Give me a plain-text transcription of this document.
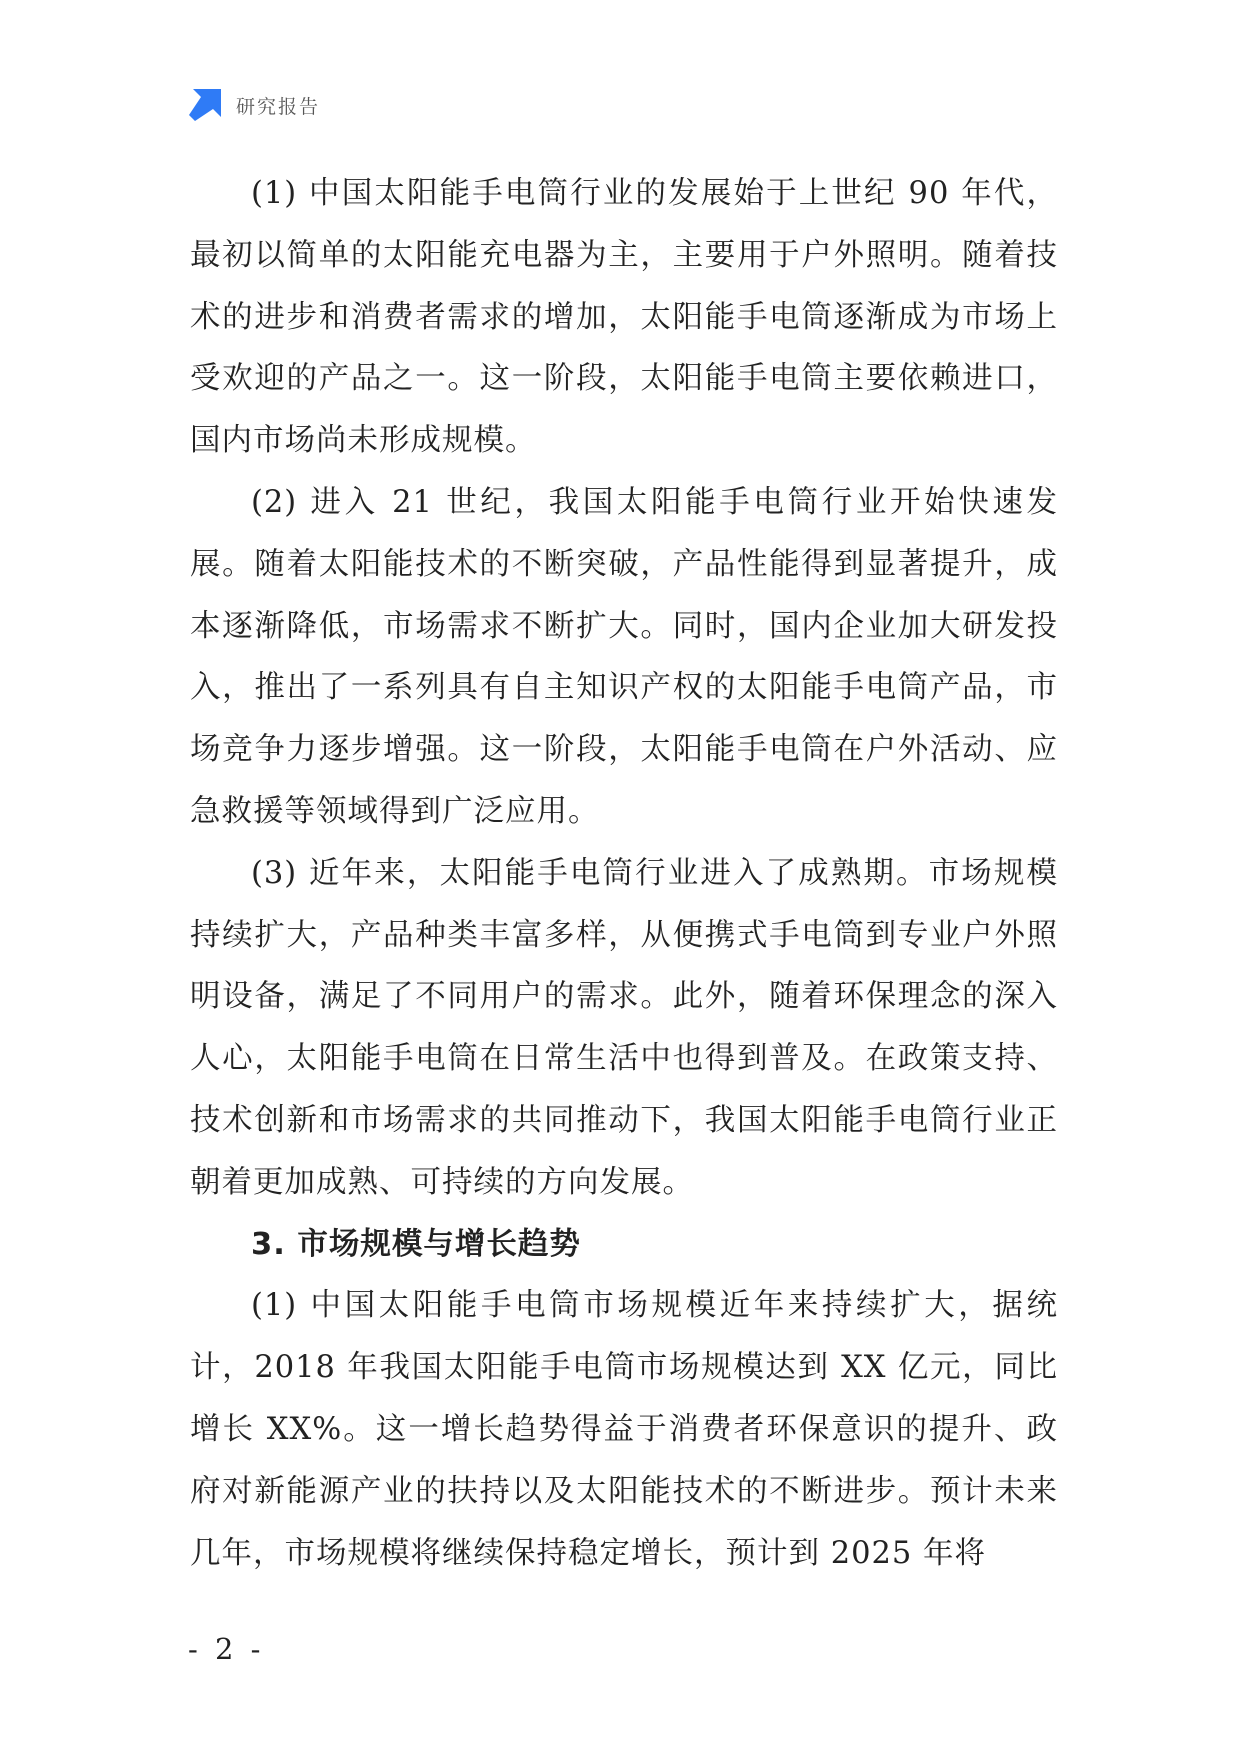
研究报告

(1) 中国太阳能手电筒行业的发展始于上世纪 90 年代，最初以简单的太阳能充电器为主，主要用于户外照明。随着技术的进步和消费者需求的增加，太阳能手电筒逐渐成为市场上受欢迎的产品之一。这一阶段，太阳能手电筒主要依赖进口，国内市场尚未形成规模。

(2) 进入 21 世纪，我国太阳能手电筒行业开始快速发展。随着太阳能技术的不断突破，产品性能得到显著提升，成本逐渐降低，市场需求不断扩大。同时，国内企业加大研发投入，推出了一系列具有自主知识产权的太阳能手电筒产品，市场竞争力逐步增强。这一阶段，太阳能手电筒在户外活动、应急救援等领域得到广泛应用。

(3) 近年来，太阳能手电筒行业进入了成熟期。市场规模持续扩大，产品种类丰富多样，从便携式手电筒到专业户外照明设备，满足了不同用户的需求。此外，随着环保理念的深入人心，太阳能手电筒在日常生活中也得到普及。在政策支持、技术创新和市场需求的共同推动下，我国太阳能手电筒行业正朝着更加成熟、可持续的方向发展。

3. 市场规模与增长趋势

(1) 中国太阳能手电筒市场规模近年来持续扩大，据统计，2018 年我国太阳能手电筒市场规模达到 XX 亿元，同比增长 XX%。这一增长趋势得益于消费者环保意识的提升、政府对新能源产业的扶持以及太阳能技术的不断进步。预计未来几年，市场规模将继续保持稳定增长，预计到 2025 年将

- 2 -
